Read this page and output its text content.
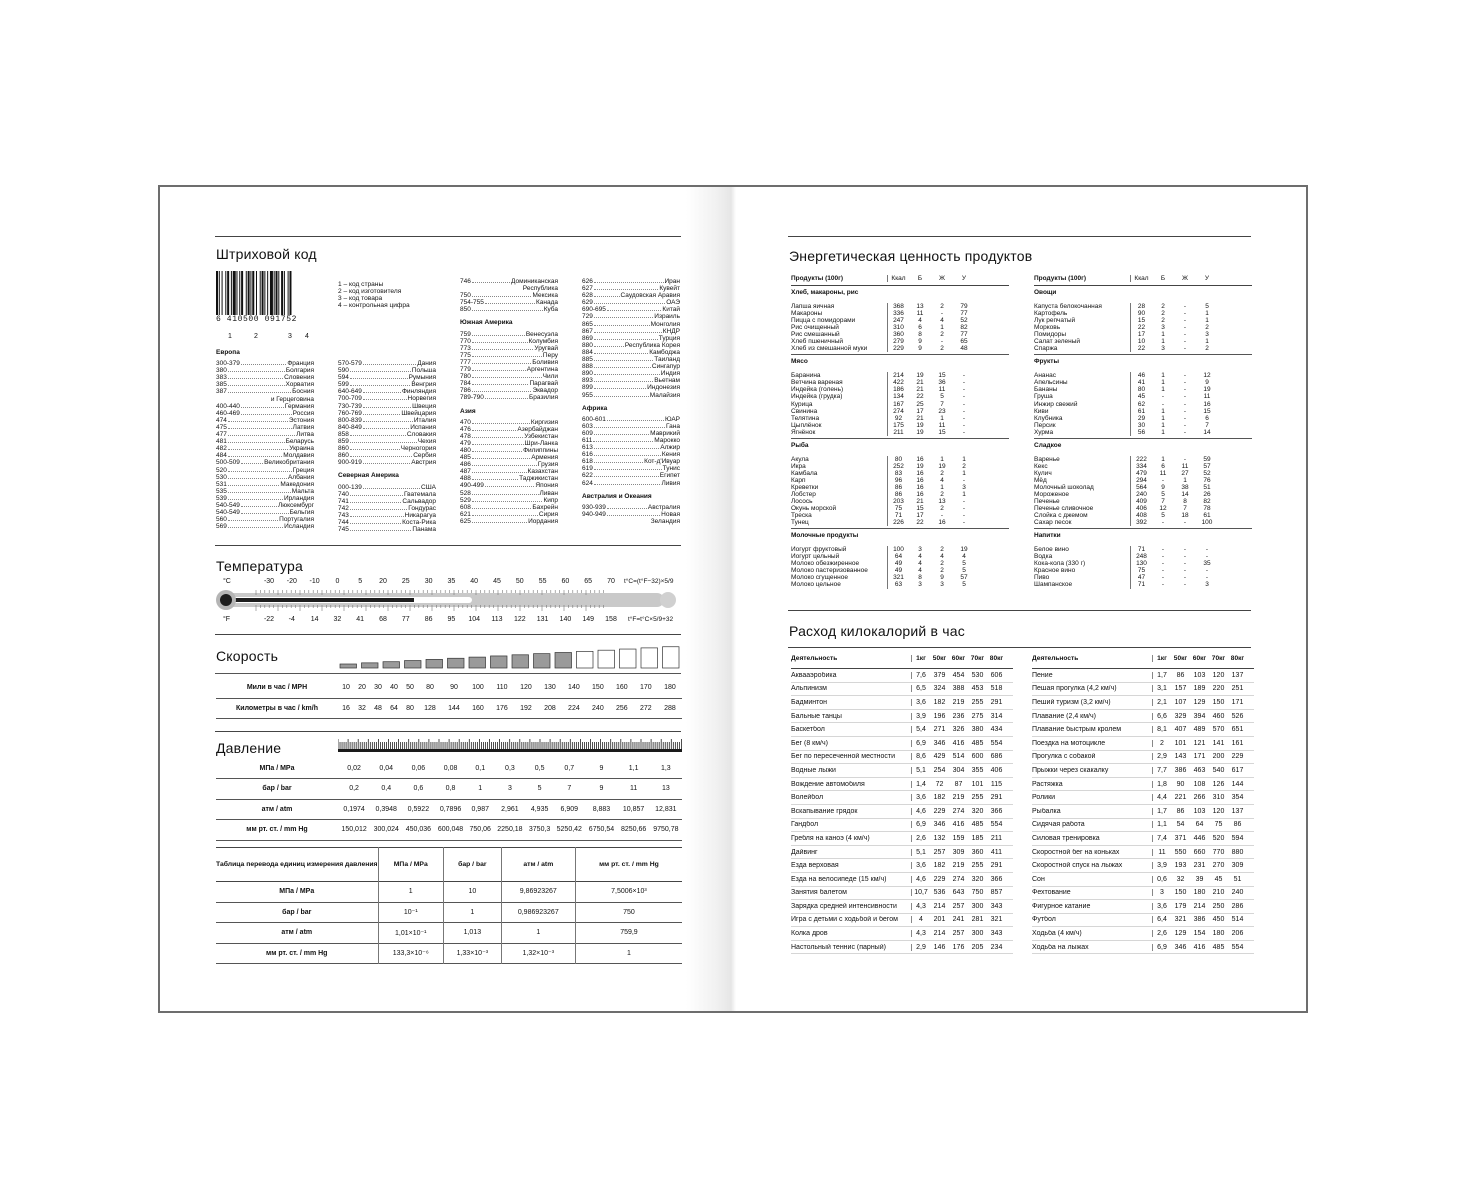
Штриховой код
6 410500 091752
1	2	3 4
1 – код страны
2 – код изготовителя
3 – код товара
4 – контрольная цифра
Европа
300-379	Франция
380	Болгария
383	Словения
385	Хорватия
387	Босния
и Герцеговина
400-440	Германия
460-469	Россия
474	Эстония
475	Латвия
477	Литва
481	Беларусь
482	Украина
484	Молдавия
500-509	Великобритания
520	Греция
530	Албания
531	Македония
535	Мальта
539	Ирландия
540-549	Люксембург
540-549	Бельгия
560	Португалия
569	Исландия
570-579	Дания
590	Польша
594	Румыния
599	Венгрия
640-649	Финляндия
700-709	Норвегия
730-739	Швеция
760-769	Швейцария
800-839	Италия
840-849	Испания
858	Словакия
859	Чехия
860	Черногория
860	Сербия
900-919	Австрия
Северная Америка
000-139	США
740	Гватемала
741	Сальвадор
742	Гондурас
743	Никарагуа
744	Коста-Рика
745	Панама
746	Доминиканская
Республика
750	Мексика
754-755	Канада
850	Куба
Южная Америка
759	Венесуэла
770	Колумбия
773	Уругвай
775	Перу
777	Боливия
779	Аргентина
780	Чили
784	Парагвай
786	Эквадор
789-790	Бразилия
Азия
470	Киргизия
476	Азербайджан
478	Узбекистан
479	Шри-Ланка
480	Филиппины
485	Армения
486	Грузия
487	Казахстан
488	Таджикистан
490-499	Япония
528	Ливан
529	Кипр
608	Бахрейн
621	Сирия
625	Иордания
626	Иран
627	Кувейт
628	Саудовская Аравия
629	ОАЭ
690-695	Китай
729	Израиль
865	Монголия
867	КНДР
869	Турция
880	Республика Корея
884	Камбоджа
885	Таиланд
888	Сингапур
890	Индия
893	Вьетнам
899	Индонезия
955	Малайзия
Африка
600-601	ЮАР
603	Гана
609	Маврикий
611	Марокко
613	Алжир
616	Кения
618	Кот-д'Ивуар
619	Тунис
622	Египет
624	Ливия
Австралия и Океания
930-939	Австралия
940-949	Новая
Зеландия
Температура
°C
°F
t°C=(t°F−32)×5/9
t°F=t°C×5/9+32
Скорость
Мили в час / MPH	10	20	30	40	50	80	90	100	110	120	130	140	150	160	170	180
Километры в час / km/h	16	32	48	64	80	128	144	160	176	192	208	224	240	256	272	288
Давление
МПа / MPa	0,02	0,04	0,06	0,08	0,1	0,3	0,5	0,7	9	1,1	1,3
бар / bar	0,2	0,4	0,6	0,8	1	3	5	7	9	11	13
атм / atm	0,1974	0,3948	0,5922	0,7896	0,987	2,961	4,935	6,909	8,883	10,857	12,831
мм рт. ст. / mm Hg	150,012	300,024	450,036	600,048	750,06	2250,18	3750,3	5250,42	6750,54	8250,66	9750,78
Таблица перевода единиц измерения давления	МПа / MPa	бар / bar	атм / atm	мм рт. ст. / mm Hg
МПа / MPa	1	10	9,86923267	7,5006×10³
бар / bar	10⁻¹	1	0,986923267	750
атм / atm	1,01×10⁻¹	1,013	1	759,9
мм рт. ст. / mm Hg	133,3×10⁻⁶	1,33×10⁻³	1,32×10⁻³	1
Энергетическая ценность продуктов
Продукты (100г)	Ккал	Б	Ж	У
Хлеб, макароны, рис
Лапша яичная	368	13	2	79
Макароны	336	11	-	77
Пицца с помидорами	247	4	4	52
Рис очищенный	310	6	1	82
Рис смешанный	360	8	2	77
Хлеб пшеничный	279	9	-	65
Хлеб из смешанной муки	229	9	2	48
Мясо
Баранина	214	19	15	-
Ветчина вареная	422	21	36	-
Индейка (голень)	186	21	11	-
Индейка (грудка)	134	22	5	-
Курица	167	25	7	-
Свинина	274	17	23	-
Телятина	92	21	1	-
Цыплёнок	175	19	11	-
Ягнёнок	211	19	15	-
Рыба
Акула	80	16	1	1
Икра	252	19	19	2
Камбала	83	16	2	1
Карп	96	16	4	-
Креветки	86	16	1	3
Лобстер	86	16	2	1
Лосось	203	21	13	-
Окунь морской	75	15	2	-
Треска	71	17	-	-
Тунец	226	22	16	-
Молочные продукты
Йогурт фруктовый	100	3	2	19
Йогурт цельный	64	4	4	4
Молоко обезжиренное	49	4	2	5
Молоко пастеризованное	49	4	2	5
Молоко сгущенное	321	8	9	57
Молоко цельное	63	3	3	5
Продукты (100г)	Ккал	Б	Ж	У
Овощи
Капуста белокочанная	28	2	-	5
Картофель	90	2	-	1
Лук репчатый	15	2	-	1
Морковь	22	3	-	2
Помидоры	17	1	-	3
Салат зеленый	10	1	-	1
Спаржа	22	3	-	2
Фрукты
Ананас	46	1	-	12
Апельсины	41	1	-	9
Бананы	80	1	-	19
Груша	45	-	-	11
Инжир свежий	62	-	-	16
Киви	61	1	-	15
Клубника	29	1	-	6
Персик	30	1	-	7
Хурма	56	1	-	14
Сладкое
Варенье	222	1	-	59
Кекс	334	6	11	57
Кулич	479	11	27	52
Мёд	294	-	1	76
Молочный шоколад	564	9	38	51
Мороженое	240	5	14	26
Печенье	409	7	8	82
Печенье сливочное	406	12	7	78
Слойка с джемом	408	5	18	61
Сахар песок	392	-	-	100
Напитки
Белое вино	71	-	-	-
Водка	248	-	-	-
Кока-кола (330 г)	130	-	-	35
Красное вино	75	-	-	-
Пиво	47	-	-	-
Шампанское	71	-	-	3
Расход килокалорий в час
Деятельность	1кг	50кг 60кг 70кг 80кг
Аквааэробика	7,6	379	454	530	606
Альпинизм	6,5	324	388	453	518
Бадминтон	3,6	182	219	255	291
Бальные танцы	3,9	196	236	275	314
Баскетбол	5,4	271	326	380	434
Бег (8 км/ч)	6,9	346	416	485	554
Бег по пересеченной местности	8,6	429	514	600	686
Водные лыжи	5,1	254	304	355	406
Вождение автомобиля	1,4	72	87	101	115
Волейбол	3,6	182	219	255	291
Вскапывание грядок	4,6	229	274	320	366
Гандбол	6,9	346	416	485	554
Гребля на каноэ (4 км/ч)	2,6	132	159	185	211
Дайвинг	5,1	257	309	360	411
Езда верховая	3,6	182	219	255	291
Езда на велосипеде (15 км/ч)	4,6	229	274	320	366
Занятия балетом	10,7 536	643	750	857
Зарядка средней интенсивности	4,3	214	257	300	343
Игра с детьми с ходьбой и бегом	4	201	241	281	321
Колка дров	4,3	214	257	300	343
Настольный теннис (парный)	2,9	146	176	205	234
Деятельность	1кг	50кг 60кг 70кг 80кг
Пение	1,7	86	103	120	137
Пешая прогулка (4,2 км/ч)	3,1	157	189	220	251
Пеший туризм (3,2 км/ч)	2,1	107	129	150	171
Плавание (2,4 км/ч)	6,6	329	394	460	526
Плавание быстрым кролем	8,1	407	489	570	651
Поездка на мотоцикле	2	101	121	141	161
Прогулка с собакой	2,9	143	171	200	229
Прыжки через скакалку	7,7	386	463	540	617
Растяжка	1,8	90	108	126	144
Ролики	4,4	221	266	310	354
Рыбалка	1,7	86	103	120	137
Сидячая работа	1,1	54	64	75	86
Силовая тренировка	7,4	371	446	520	594
Скоростной бег на коньках	11	550	660	770	880
Скоростной спуск на лыжах	3,9	193	231	270	309
Сон	0,6	32	39	45	51
Фехтование	3	150	180	210	240
Фигурное катание	3,6	179	214	250	286
Футбол	6,4	321	386	450	514
Ходьба (4 км/ч)	2,6	129	154	180	206
Ходьба на лыжах	6,9	346	416	485	554
-30
-22
-20
-4
-10
14
0
32
5
41
20
68
25
77
30
86
35
95
40
104
45
113
50
122
55
131
60
140
65
149
70
158
